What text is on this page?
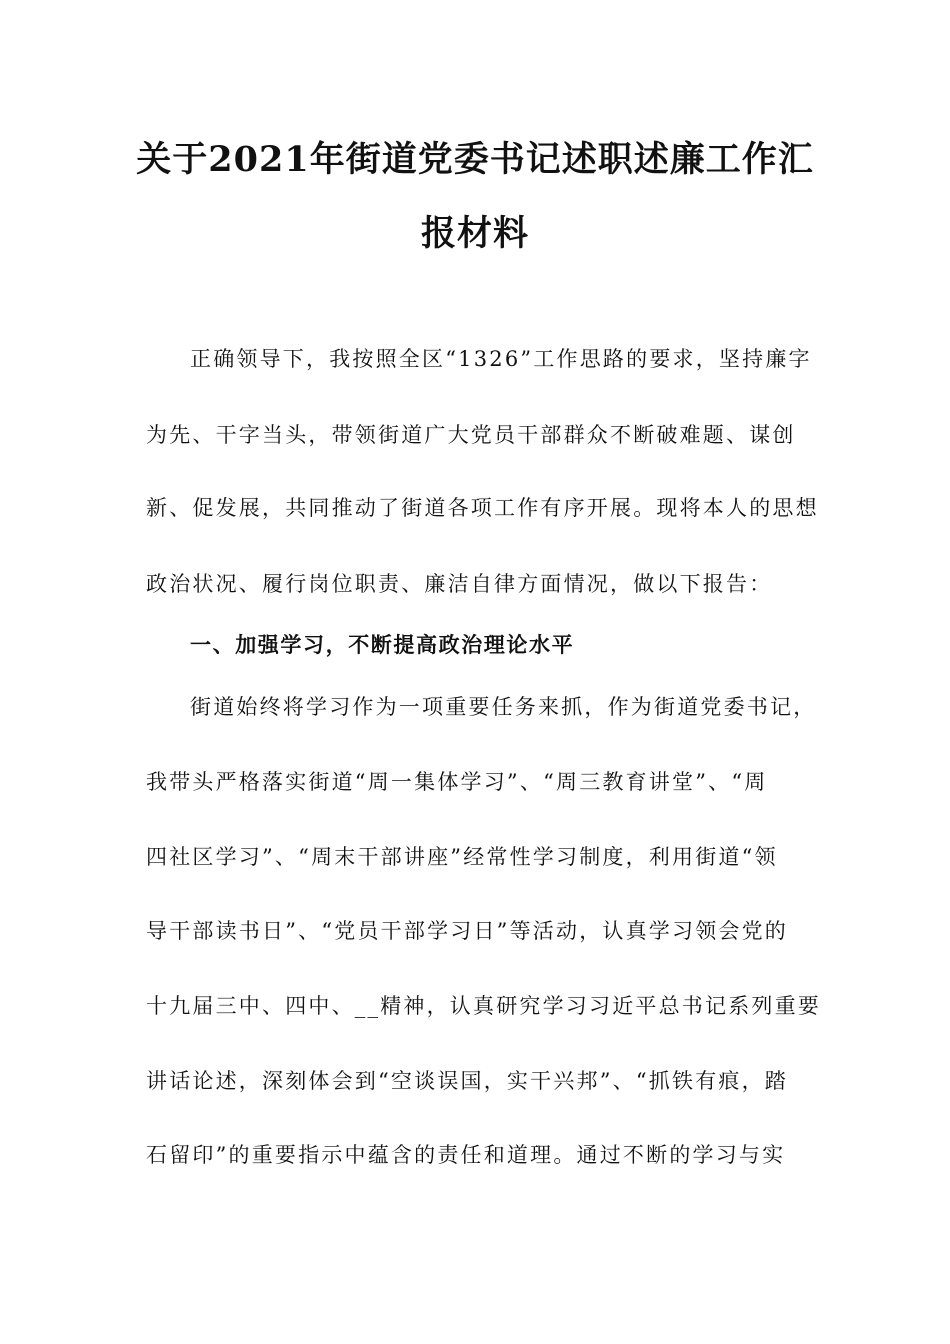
关于2021年街道党委书记述职述廉工作汇
报材料
正确领导下，我按照全区“1326”工作思路的要求，坚持廉字
为先、干字当头，带领街道广大党员干部群众不断破难题、谋创
新、促发展，共同推动了街道各项工作有序开展。现将本人的思想
政治状况、履行岗位职责、廉洁自律方面情况，做以下报告：
一、加强学习，不断提高政治理论水平
街道始终将学习作为一项重要任务来抓，作为街道党委书记，
我带头严格落实街道“周一集体学习”、“周三教育讲堂”、“周
四社区学习”、“周末干部讲座”经常性学习制度，利用街道“领
导干部读书日”、“党员干部学习日”等活动，认真学习领会党的
十九届三中、四中、__精神，认真研究学习习近平总书记系列重要
讲话论述，深刻体会到“空谈误国，实干兴邦”、“抓铁有痕，踏
石留印”的重要指示中蕴含的责任和道理。通过不断的学习与实
